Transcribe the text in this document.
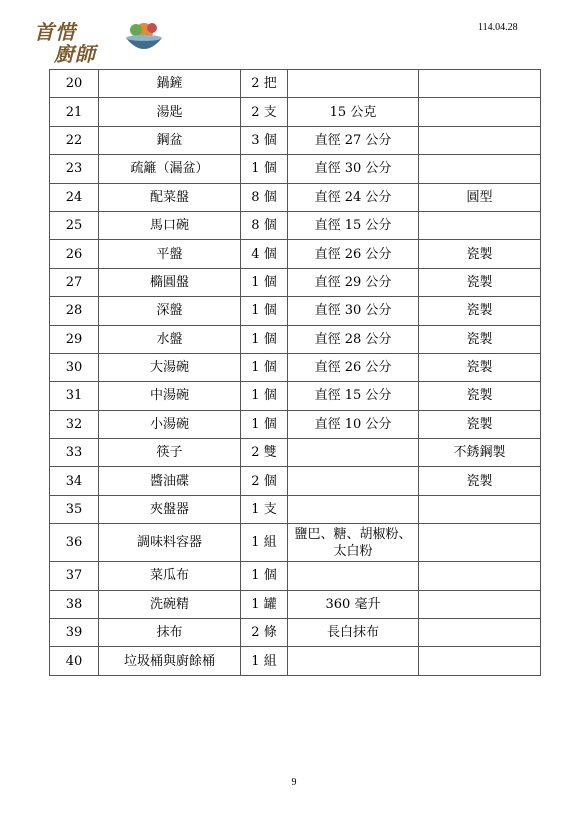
首惜
廚師
114.04.28
20	鍋鏟	2 把		
21	湯匙	2 支	15 公克	
22	鋼盆	3 個	直徑 27 公分	
23	疏籬（漏盆）	1 個	直徑 30 公分	
24	配菜盤	8 個	直徑 24 公分	圓型
25	馬口碗	8 個	直徑 15 公分	
26	平盤	4 個	直徑 26 公分	瓷製
27	橢圓盤	1 個	直徑 29 公分	瓷製
28	深盤	1 個	直徑 30 公分	瓷製
29	水盤	1 個	直徑 28 公分	瓷製
30	大湯碗	1 個	直徑 26 公分	瓷製
31	中湯碗	1 個	直徑 15 公分	瓷製
32	小湯碗	1 個	直徑 10 公分	瓷製
33	筷子	2 雙		不銹鋼製
34	醬油碟	2 個		瓷製
35	夾盤器	1 支		
36	調味料容器	1 組	鹽巴、糖、胡椒粉、太白粉	
37	菜瓜布	1 個		
38	洗碗精	1 罐	360 毫升	
39	抹布	2 條	長白抹布	
40	垃圾桶與廚餘桶	1 組		
9
